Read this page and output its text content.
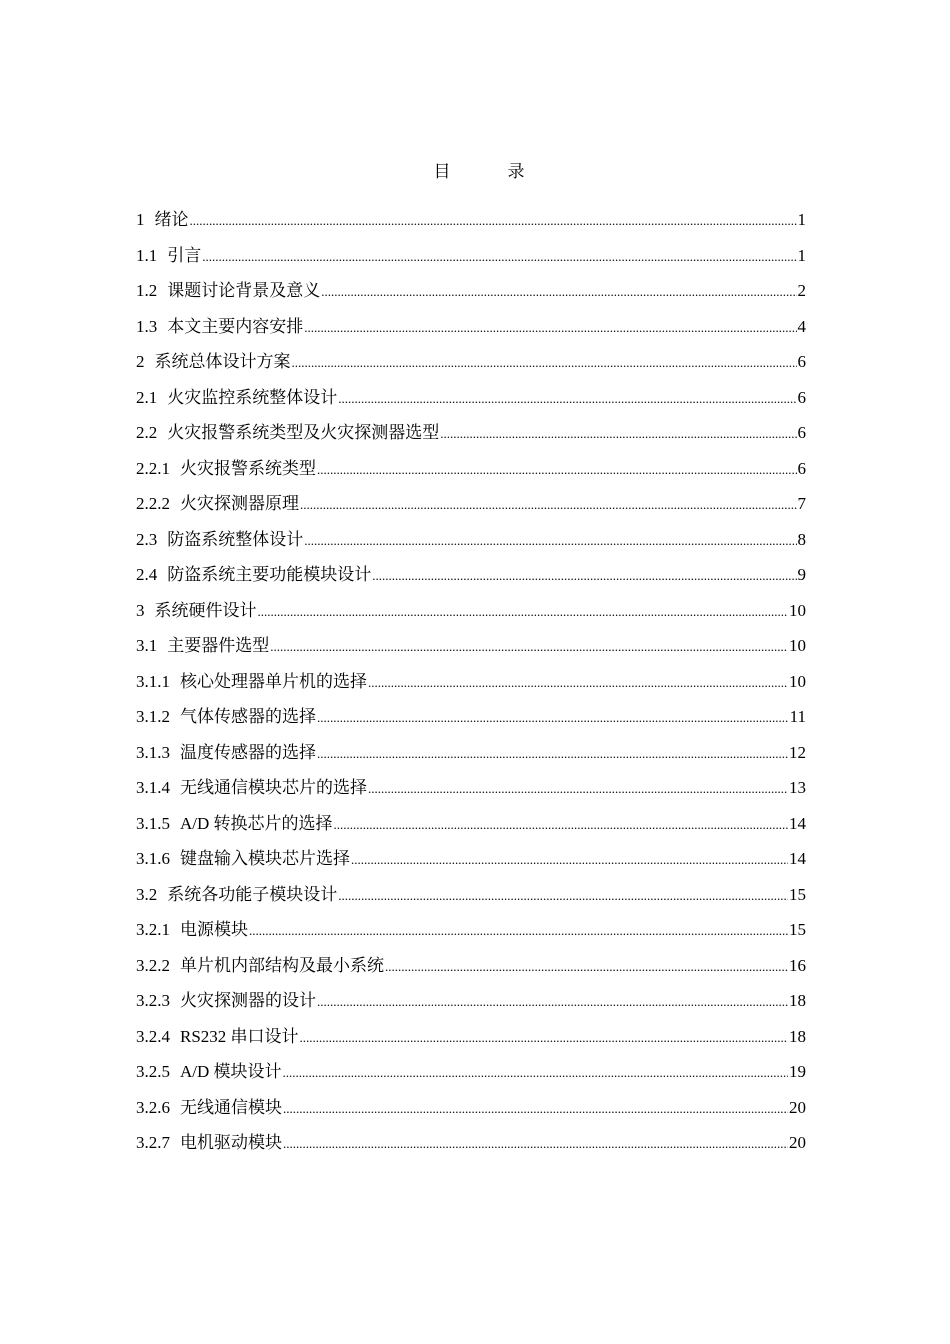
目　录
1 绪论 .....	1
1.1 引言 .....	1
1.2 课题讨论背景及意义 .....	2
1.3 本文主要内容安排 .....	4
2 系统总体设计方案 .....	6
2.1 火灾监控系统整体设计 .....	6
2.2 火灾报警系统类型及火灾探测器选型 .....	6
2.2.1 火灾报警系统类型 .....	6
2.2.2 火灾探测器原理 .....	7
2.3 防盗系统整体设计 .....	8
2.4 防盗系统主要功能模块设计 .....	9
3 系统硬件设计 .....	10
3.1 主要器件选型 .....	10
3.1.1 核心处理器单片机的选择 .....	10
3.1.2 气体传感器的选择 .....	11
3.1.3 温度传感器的选择 .....	12
3.1.4 无线通信模块芯片的选择 .....	13
3.1.5 A/D 转换芯片的选择 .....	14
3.1.6 键盘输入模块芯片选择 .....	14
3.2 系统各功能子模块设计 .....	15
3.2.1 电源模块 .....	15
3.2.2 单片机内部结构及最小系统 .....	16
3.2.3 火灾探测器的设计 .....	18
3.2.4 RS232 串口设计 .....	18
3.2.5 A/D 模块设计 .....	19
3.2.6 无线通信模块 .....	20
3.2.7 电机驱动模块 .....	20
